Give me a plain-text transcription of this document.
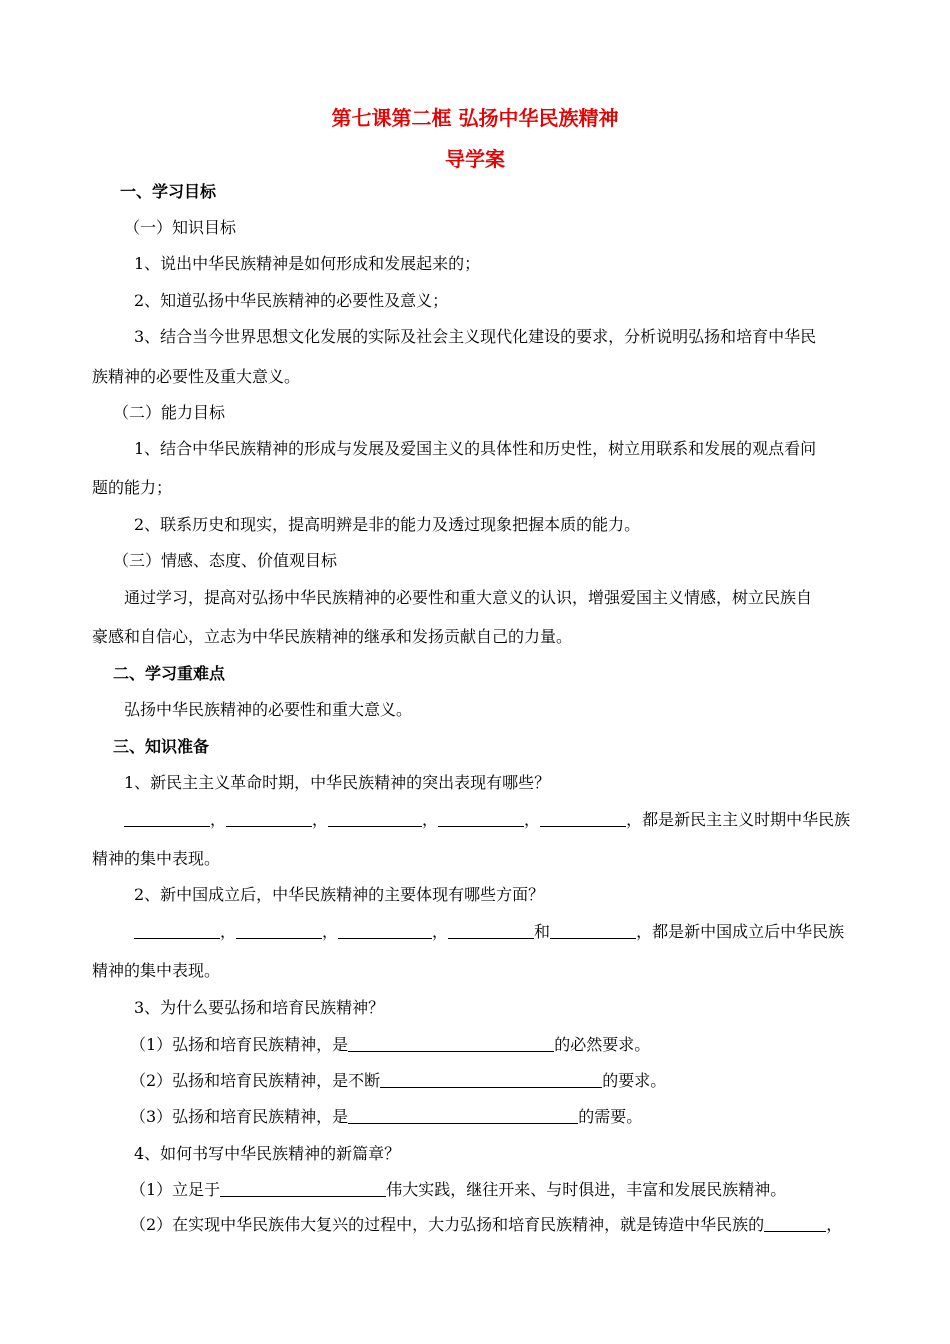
第七课第二框 弘扬中华民族精神
导学案
一、学习目标
（一）知识目标
1、说出中华民族精神是如何形成和发展起来的；
2、知道弘扬中华民族精神的必要性及意义；
3、结合当今世界思想文化发展的实际及社会主义现代化建设的要求，分析说明弘扬和培育中华民
族精神的必要性及重大意义。
（二）能力目标
1、结合中华民族精神的形成与发展及爱国主义的具体性和历史性，树立用联系和发展的观点看问
题的能力；
2、联系历史和现实，提高明辨是非的能力及透过现象把握本质的能力。
（三）情感、态度、价值观目标
通过学习，提高对弘扬中华民族精神的必要性和重大意义的认识，增强爱国主义情感，树立民族自
豪感和自信心，立志为中华民族精神的继承和发扬贡献自己的力量。
二、学习重难点
弘扬中华民族精神的必要性和重大意义。
三、知识准备
1、新民主主义革命时期，中华民族精神的突出表现有哪些？
，	，	，	，	，都是新民主主义时期中华民族
精神的集中表现。
2、新中国成立后，中华民族精神的主要体现有哪些方面？
，	，	，	和	，都是新中国成立后中华民族
精神的集中表现。
3、为什么要弘扬和培育民族精神？
（1）弘扬和培育民族精神，是	的必然要求。
（2）弘扬和培育民族精神，是不断	的要求。
（3）弘扬和培育民族精神，是	的需要。
4、如何书写中华民族精神的新篇章？
（1）立足于	伟大实践，继往开来、与时俱进，丰富和发展民族精神。
（2）在实现中华民族伟大复兴的过程中，大力弘扬和培育民族精神，就是铸造中华民族的	，
